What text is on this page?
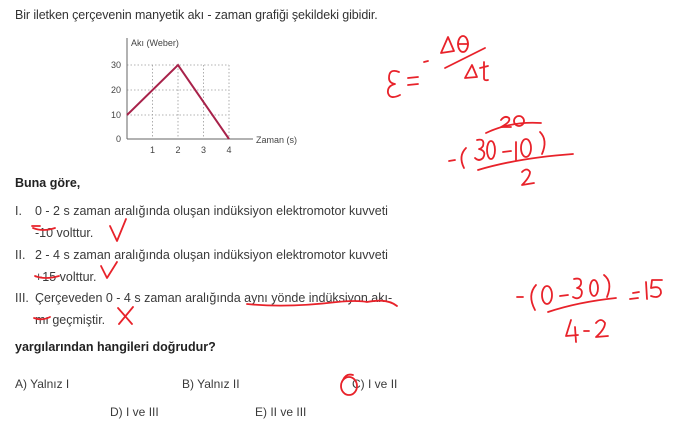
Bir iletken çerçevenin manyetik akı - zaman grafiği şekildeki gibidir.
30
20
10
0
1 2 3 4
Akı (Weber)
Zaman (s)
Buna göre,
I. 0 - 2 s zaman aralığında oluşan indüksiyon elektromotor kuvveti
-10 volttur.
II. 2 - 4 s zaman aralığında oluşan indüksiyon elektromotor kuvveti
+15 volttur.
III. Çerçeveden 0 - 4 s zaman aralığında aynı yönde indüksiyon akı-
mı geçmiştir.
yargılarından hangileri doğrudur?
A) Yalnız I	B) Yalnız II	C) I ve II
D) I ve III	E) II ve III
